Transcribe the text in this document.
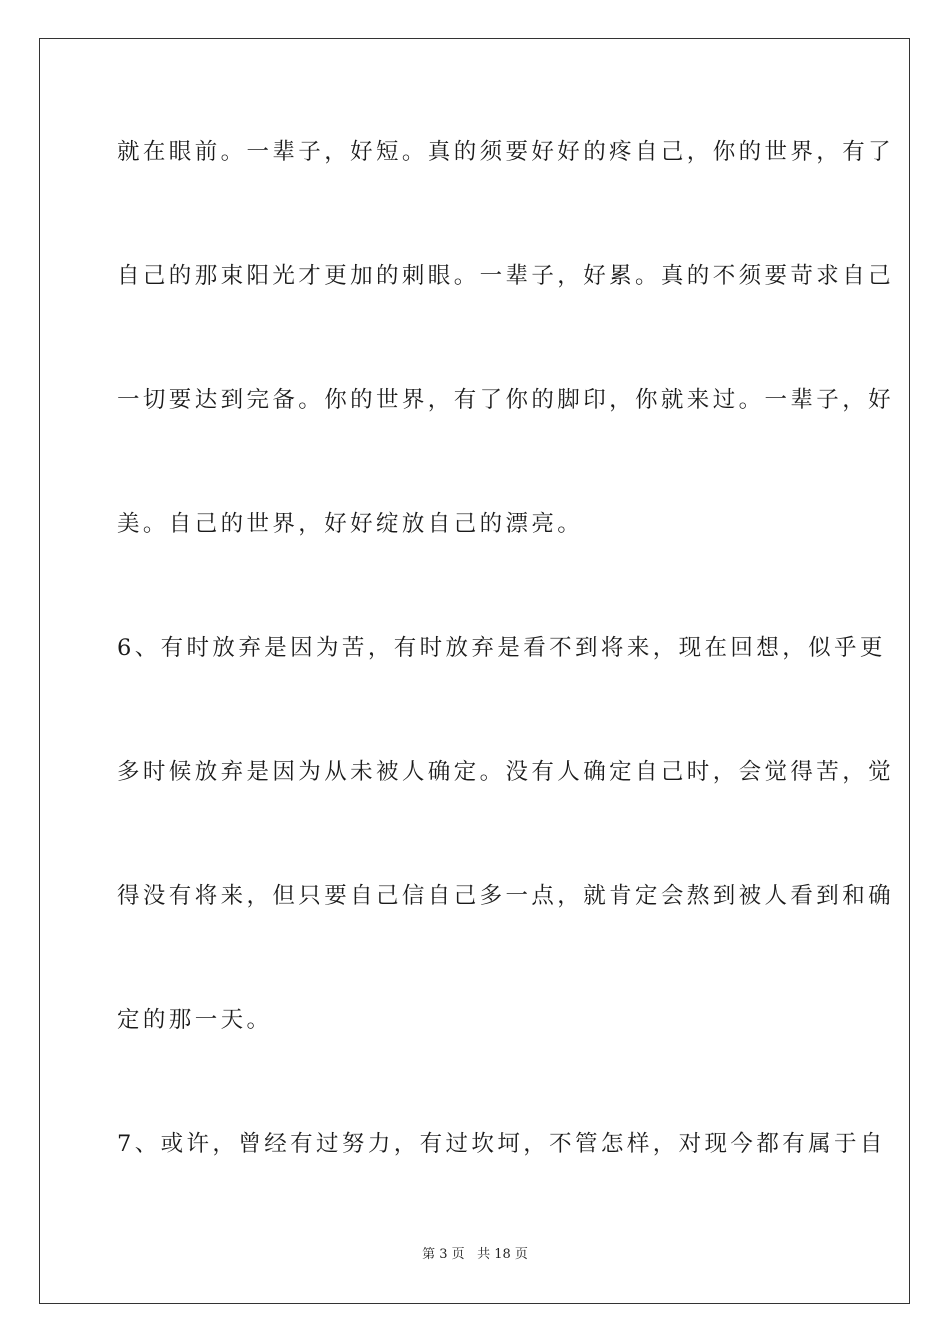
就在眼前。一辈子，好短。真的须要好好的疼自己，你的世界，有了
自己的那束阳光才更加的刺眼。一辈子，好累。真的不须要苛求自己
一切要达到完备。你的世界，有了你的脚印，你就来过。一辈子，好
美。自己的世界，好好绽放自己的漂亮。
6、有时放弃是因为苦，有时放弃是看不到将来，现在回想，似乎更
多时候放弃是因为从未被人确定。没有人确定自己时，会觉得苦，觉
得没有将来，但只要自己信自己多一点，就肯定会熬到被人看到和确
定的那一天。
7、或许，曾经有过努力，有过坎坷，不管怎样，对现今都有属于自
第 3 页 共 18 页
